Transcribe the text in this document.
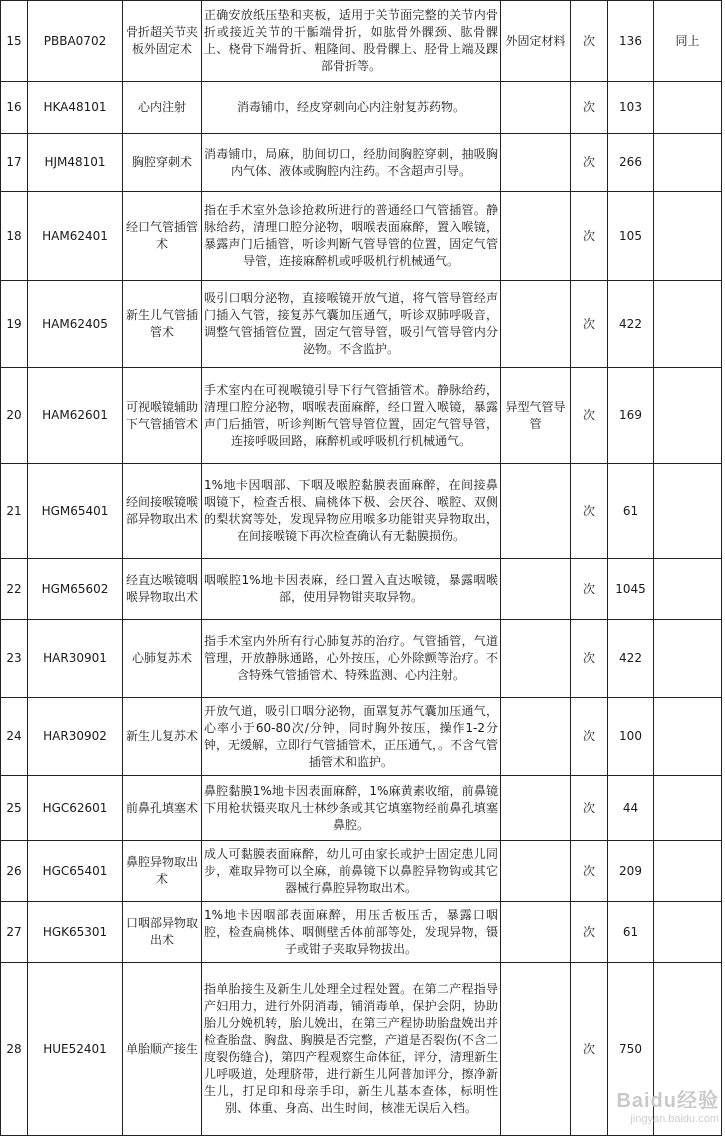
15	PBBA0702	骨折超关节夹板外固定术	正确安放纸压垫和夹板，适用于关节面完整的关节内骨折或接近关节的干骺端骨折，如肱骨外髁颈、肱骨髁上、桡骨下端骨折、粗隆间、股骨髁上、胫骨上端及踝部骨折等。	外固定材料	次	136	同上
16	HKA48101	心内注射	消毒铺巾，经皮穿刺向心内注射复苏药物。		次	103	
17	HJM48101	胸腔穿刺术	消毒铺巾，局麻，肋间切口，经肋间胸腔穿刺，抽吸胸内气体、液体或胸腔内注药。不含超声引导。		次	266	
18	HAM62401	经口气管插管术	指在手术室外急诊抢救所进行的普通经口气管插管。静脉给药，清理口腔分泌物，咽喉表面麻醉，置入喉镜，暴露声门后插管，听诊判断气管导管的位置，固定气管导管，连接麻醉机或呼吸机行机械通气。		次	105	
19	HAM62405	新生儿气管插管术	吸引口咽分泌物，直接喉镜开放气道，将气管导管经声门插入气管，接复苏气囊加压通气，听诊双肺呼吸音，调整气管插管位置，固定气管导管，吸引气管导管内分泌物。不含监护。		次	422	
20	HAM62601	可视喉镜辅助下气管插管术	手术室内在可视喉镜引导下行气管插管术。静脉给药，清理口腔分泌物，咽喉表面麻醉，经口置入喉镜，暴露声门后插管，听诊判断气管导管位置，固定气管导管，连接呼吸回路，麻醉机或呼吸机行机械通气。	异型气管导管	次	169	
21	HGM65401	经间接喉镜喉部异物取出术	1%地卡因咽部、下咽及喉腔黏膜表面麻醉，在间接鼻咽镜下，检查舌根、扁桃体下极、会厌谷、喉腔、双侧的梨状窝等处，发现异物应用喉多功能钳夹异物取出，在间接喉镜下再次检查确认有无黏膜损伤。		次	61	
22	HGM65602	经直达喉镜咽喉异物取出术	咽喉腔1%地卡因表麻，经口置入直达喉镜，暴露咽喉部，使用异物钳夹取异物。		次	1045	
23	HAR30901	心肺复苏术	指手术室内外所有行心肺复苏的治疗。气管插管，气道管理，开放静脉通路，心外按压，心外除颤等治疗。不含特殊气管插管术、特殊监测、心内注射。		次	422	
24	HAR30902	新生儿复苏术	开放气道，吸引口咽分泌物，面罩复苏气囊加压通气，心率小于60-80次/分钟，同时胸外按压，操作1-2分钟，无缓解，立即行气管插管术，正压通气，。不含气管插管术和监护。		次	100	
25	HGC62601	前鼻孔填塞术	鼻腔黏膜1%地卡因表面麻醉，1%麻黄素收缩，前鼻镜下用枪状镊夹取凡士林纱条或其它填塞物经前鼻孔填塞鼻腔。		次	44	
26	HGC65401	鼻腔异物取出术	成人可黏膜表面麻醉，幼儿可由家长或护士固定患儿同步，难取异物可以全麻，前鼻镜下以鼻腔异物钩或其它器械行鼻腔异物取出术。		次	209	
27	HGK65301	口咽部异物取出术	1%地卡因咽部表面麻醉，用压舌板压舌，暴露口咽腔，检查扁桃体、咽侧壁舌体前部等处，发现异物，镊子或钳子夹取异物拔出。		次	61	
28	HUE52401	单胎顺产接生	指单胎接生及新生儿处理全过程处置。在第二产程指导产妇用力，进行外阴消毒，铺消毒单，保护会阴，协助胎儿分娩机转，胎儿娩出，在第三产程协助胎盘娩出并检查胎盘、胸盘、胸膜是否完整，产道是否裂伤(不含二度裂伤缝合)，第四产程观察生命体征，评分，清理新生儿呼吸道，处理脐带，进行新生儿阿普加评分，擦净新生儿，打足印和母亲手印，新生儿基本查体，标明性别、体重、身高、出生时间，核准无误后入档。		次	750	
Baidu经验
jingyan.baidu.com
